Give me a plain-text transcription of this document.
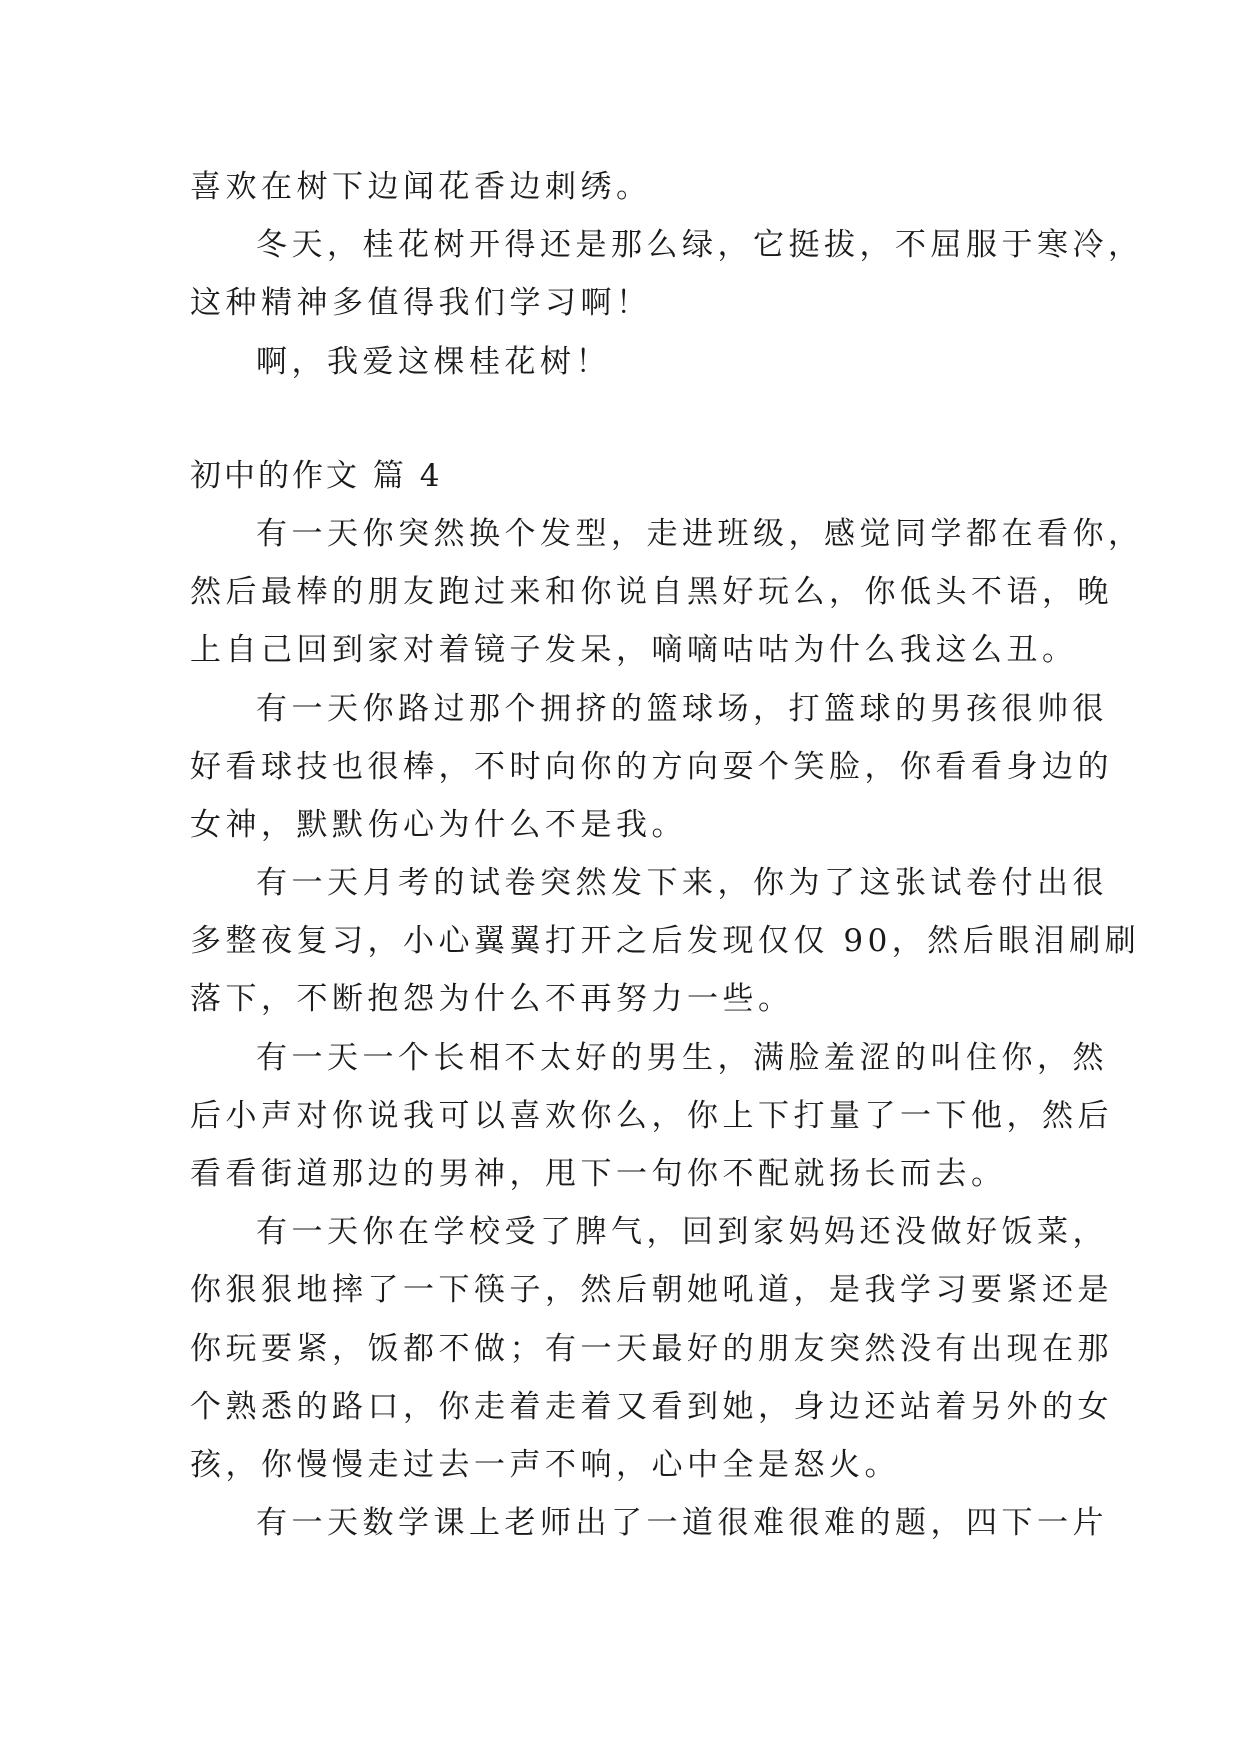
喜欢在树下边闻花香边刺绣。
冬天，桂花树开得还是那么绿，它挺拔，不屈服于寒冷，
这种精神多值得我们学习啊！
啊，我爱这棵桂花树！
初中的作文 篇 4
有一天你突然换个发型，走进班级，感觉同学都在看你，
然后最棒的朋友跑过来和你说自黑好玩么，你低头不语，晚
上自己回到家对着镜子发呆，嘀嘀咕咕为什么我这么丑。
有一天你路过那个拥挤的篮球场，打篮球的男孩很帅很
好看球技也很棒，不时向你的方向耍个笑脸，你看看身边的
女神，默默伤心为什么不是我。
有一天月考的试卷突然发下来，你为了这张试卷付出很
多整夜复习，小心翼翼打开之后发现仅仅 90，然后眼泪刷刷
落下，不断抱怨为什么不再努力一些。
有一天一个长相不太好的男生，满脸羞涩的叫住你，然
后小声对你说我可以喜欢你么，你上下打量了一下他，然后
看看街道那边的男神，甩下一句你不配就扬长而去。
有一天你在学校受了脾气，回到家妈妈还没做好饭菜，
你狠狠地摔了一下筷子，然后朝她吼道，是我学习要紧还是
你玩要紧，饭都不做；有一天最好的朋友突然没有出现在那
个熟悉的路口，你走着走着又看到她，身边还站着另外的女
孩，你慢慢走过去一声不响，心中全是怒火。
有一天数学课上老师出了一道很难很难的题，四下一片
